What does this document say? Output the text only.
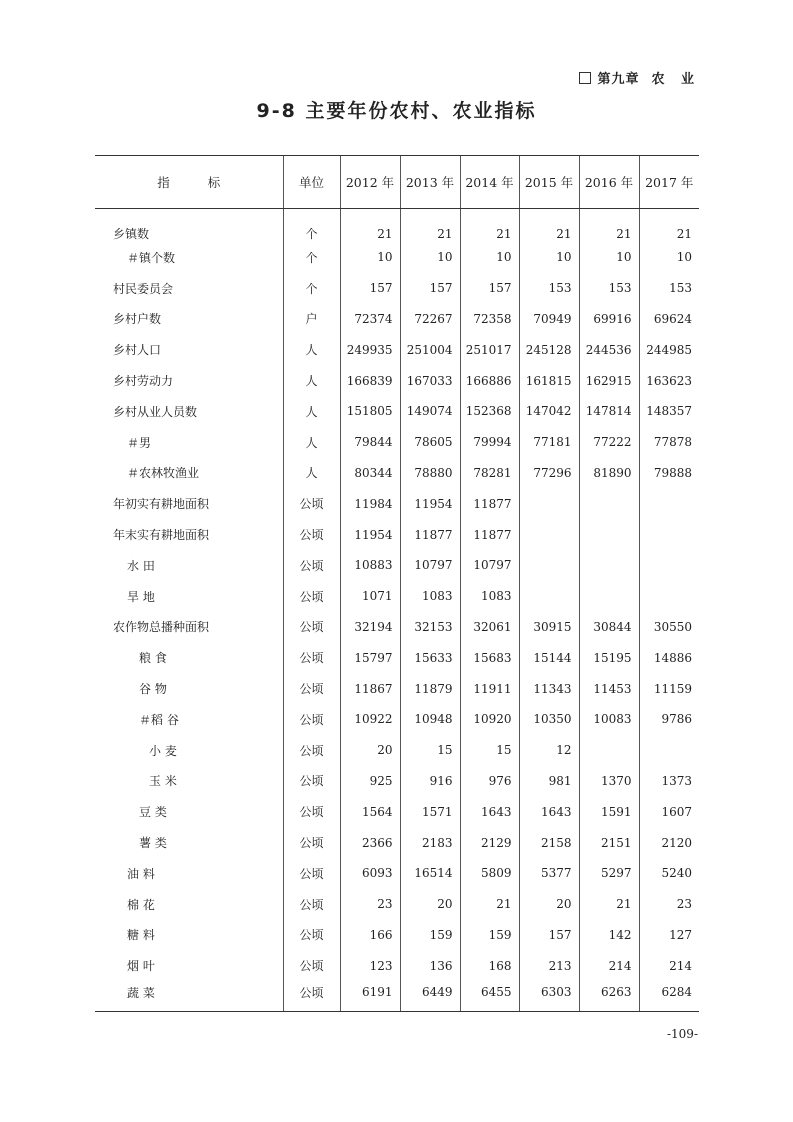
第九章 农 业
9-8 主要年份农村、农业指标
指标	单位	2012 年	2013 年	2014 年	2015 年	2016 年	2017 年
乡镇数	个	21	21	21	21	21	21
＃镇个数	个	10	10	10	10	10	10
村民委员会	个	157	157	157	153	153	153
乡村户数	户	72374	72267	72358	70949	69916	69624
乡村人口	人	249935	251004	251017	245128	244536	244985
乡村劳动力	人	166839	167033	166886	161815	162915	163623
乡村从业人员数	人	151805	149074	152368	147042	147814	148357
＃男	人	79844	78605	79994	77181	77222	77878
＃农林牧渔业	人	80344	78880	78281	77296	81890	79888
年初实有耕地面积	公顷	11984	11954	11877			
年末实有耕地面积	公顷	11954	11877	11877			
水 田	公顷	10883	10797	10797			
旱 地	公顷	1071	1083	1083			
农作物总播种面积	公顷	32194	32153	32061	30915	30844	30550
粮 食	公顷	15797	15633	15683	15144	15195	14886
谷 物	公顷	11867	11879	11911	11343	11453	11159
＃稻 谷	公顷	10922	10948	10920	10350	10083	9786
小 麦	公顷	20	15	15	12		
玉 米	公顷	925	916	976	981	1370	1373
豆 类	公顷	1564	1571	1643	1643	1591	1607
薯 类	公顷	2366	2183	2129	2158	2151	2120
油 料	公顷	6093	16514	5809	5377	5297	5240
棉 花	公顷	23	20	21	20	21	23
糖 料	公顷	166	159	159	157	142	127
烟 叶	公顷	123	136	168	213	214	214
蔬 菜	公顷	6191	6449	6455	6303	6263	6284
-109-
